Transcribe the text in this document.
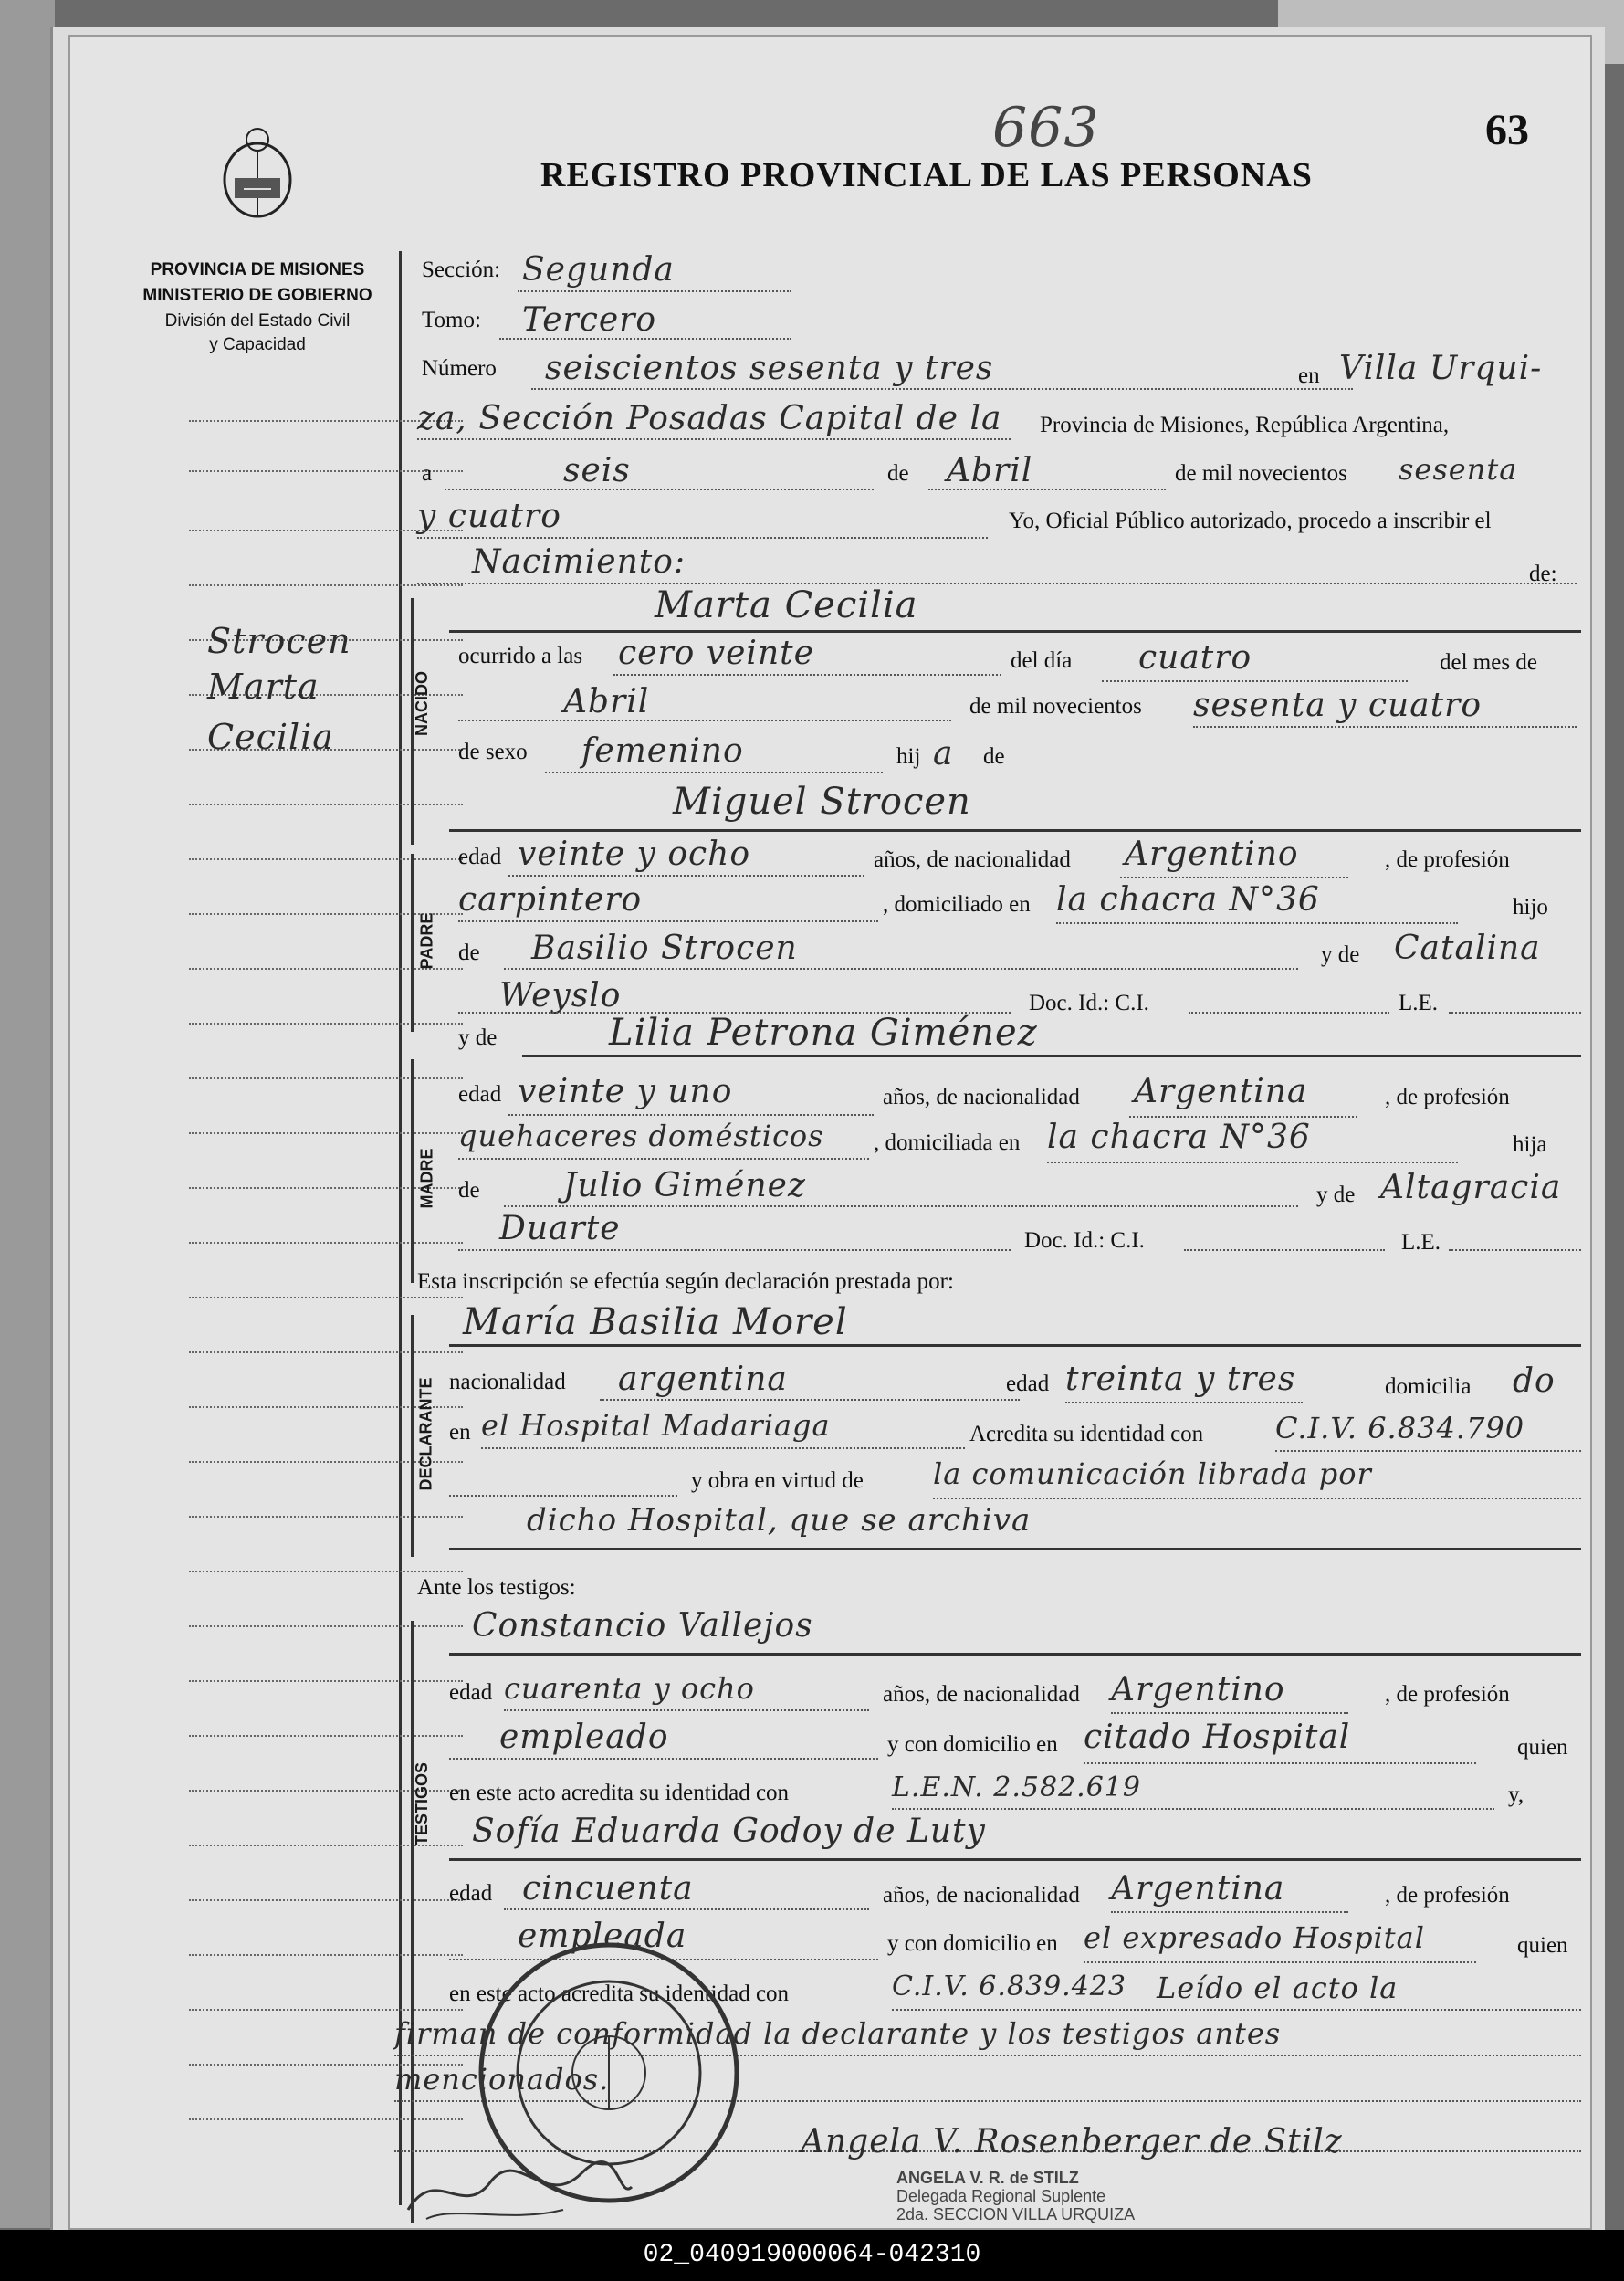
663	63
REGISTRO PROVINCIAL DE LAS PERSONAS
PROVINCIA DE MISIONES
MINISTERIO DE GOBIERNO
División del Estado Civil
y Capacidad
Strocen
Marta
Cecilia
Sección: Segunda
Tomo: Tercero
Número seiscientos sesenta y tres	en Villa Urqui-
za, Sección Posadas Capital de la Provincia de Misiones, República Argentina,
a	seis	de Abril	de mil novecientos sesenta
y cuatro	Yo, Oficial Público autorizado, procedo a inscribir el
Nacimiento:	de:
NACIDO
Marta Cecilia
ocurrido a las cero veinte	del día cuatro	del mes de
Abril	de mil novecientos sesenta y cuatro
de sexo femenino	hij a de
Miguel Strocen
PADRE
edad veinte y ocho	años, de nacionalidad Argentino	, de profesión
carpintero	, domiciliado en la chacra N°36	hijo
de Basilio Strocen	y de Catalina
Weyslo	Doc. Id.: C.I.	L.E.
MADRE
y de	Lilia Petrona Giménez
edad veinte y uno	años, de nacionalidad Argentina	, de profesión
quehaceres domésticos , domiciliada en la chacra N°36	hija
de	Julio Giménez	y de Altagracia
Duarte	Doc. Id.: C.I.	L.E.
Esta inscripción se efectúa según declaración prestada por:
DECLARANTE
María Basilia Morel
nacionalidad argentina	edad treinta y tres	domicilia do
en el Hospital Madariaga	Acredita su identidad con C.I.V. 6.834.790
y obra en virtud de la comunicación librada por
dicho Hospital, que se archiva
Ante los testigos:
TESTIGOS
Constancio Vallejos
edad cuarenta y ocho	años, de nacionalidad Argentino	, de profesión
empleado	y con domicilio en citado Hospital	quien
en este acto acredita su identidad con	L.E.N. 2.582.619	y,
Sofía Eduarda Godoy de Luty
edad cincuenta	años, de nacionalidad Argentina	, de profesión
empleada	y con domicilio en el expresado Hospital	quien
en este acto acredita su identidad con	C.I.V. 6.839.423 Leído el acto la
firman de conformidad la declarante y los testigos antes
mencionados.
Angela V. Rosenberger de Stilz
ANGELA V. R. de STILZ
Delegada Regional Suplente
2da. SECCION VILLA URQUIZA
02_040919000064-042310
